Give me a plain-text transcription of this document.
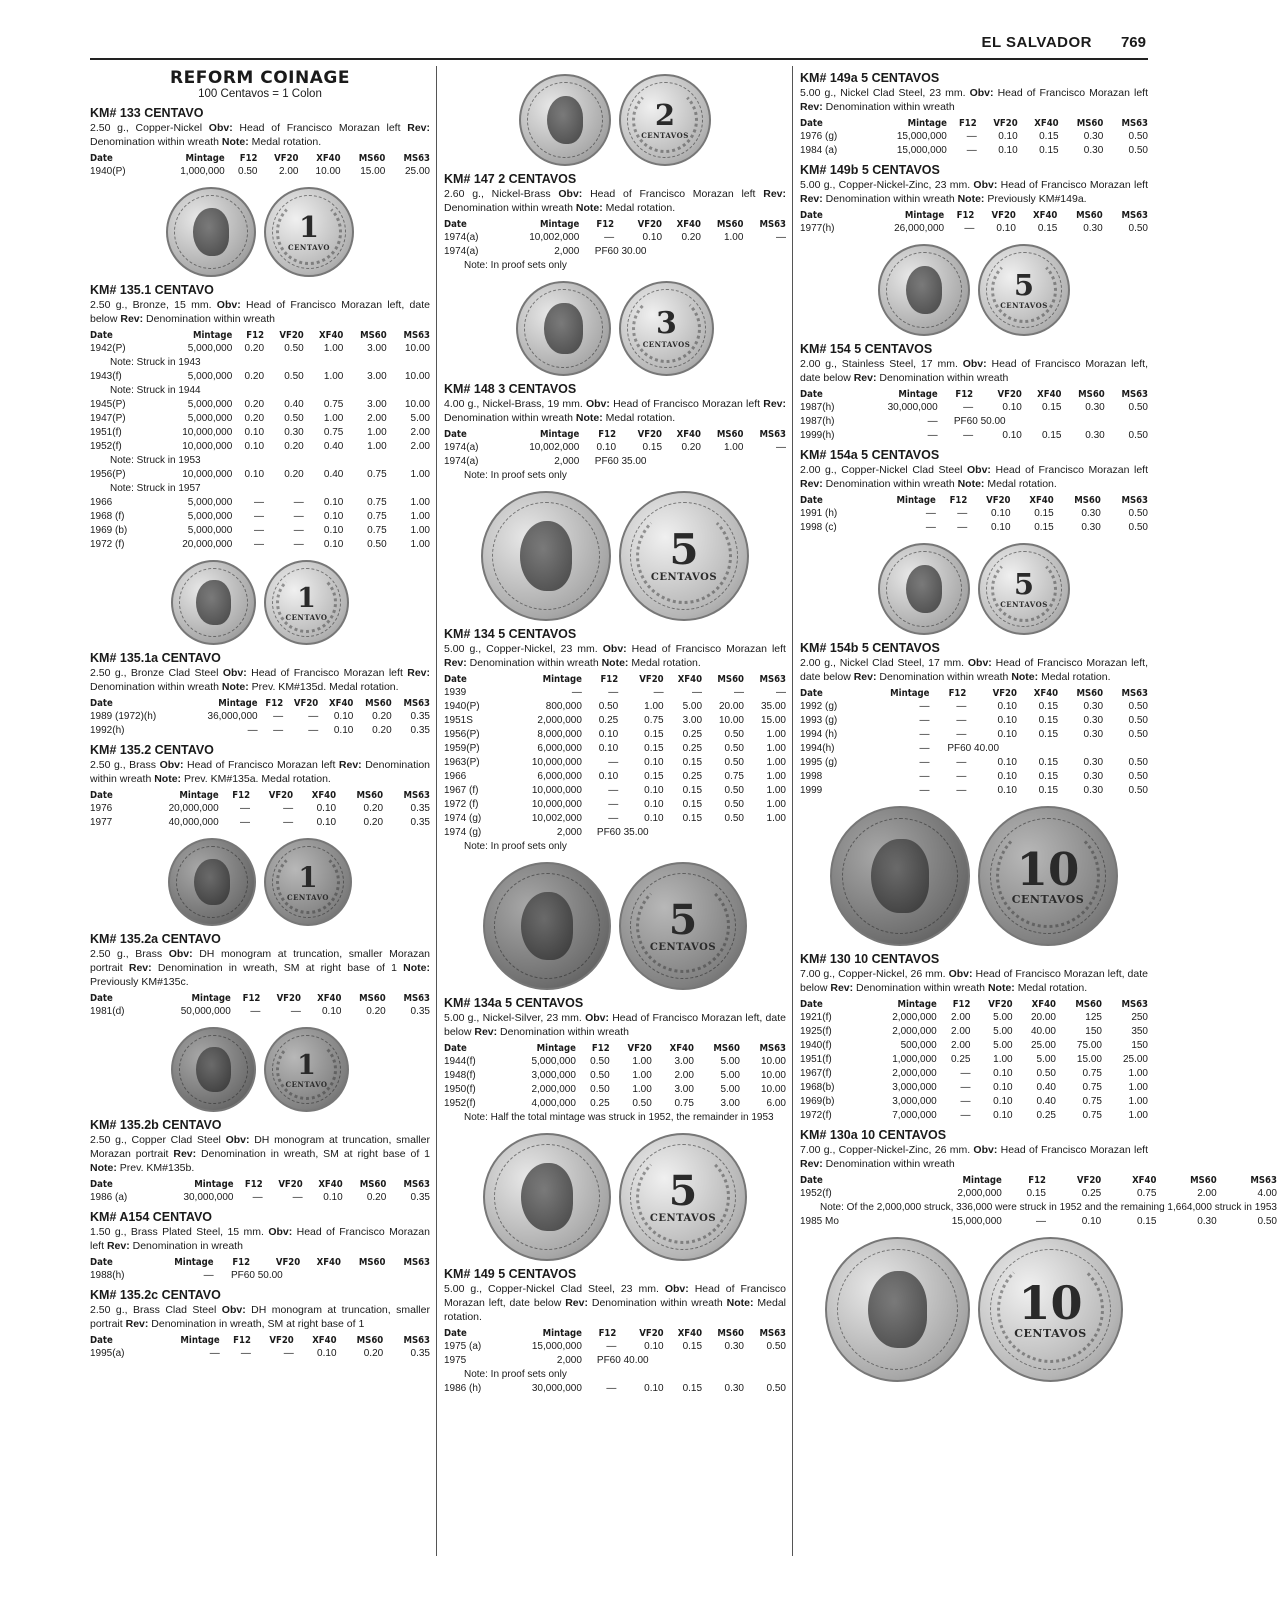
EL SALVADOR 769
REFORM COINAGE
100 Centavos = 1 Colon
KM# 133 CENTAVO
2.50 g., Copper-Nickel Obv: Head of Francisco Morazan left Rev: Denomination within wreath Note: Medal rotation.
Date	Mintage	F12	VF20	XF40	MS60	MS63
1940(P)	1,000,000	0.50	2.00	10.00	15.00	25.00
1
CENTAVO
KM# 135.1 CENTAVO
2.50 g., Bronze, 15 mm. Obv: Head of Francisco Morazan left, date below Rev: Denomination within wreath
Date	Mintage	F12	VF20	XF40	MS60	MS63
1942(P)	5,000,000	0.20	0.50	1.00	3.00	10.00
Note: Struck in 1943						
1943(f)	5,000,000	0.20	0.50	1.00	3.00	10.00
Note: Struck in 1944						
1945(P)	5,000,000	0.20	0.40	0.75	3.00	10.00
1947(P)	5,000,000	0.20	0.50	1.00	2.00	5.00
1951(f)	10,000,000	0.10	0.30	0.75	1.00	2.00
1952(f)	10,000,000	0.10	0.20	0.40	1.00	2.00
Note: Struck in 1953						
1956(P)	10,000,000	0.10	0.20	0.40	0.75	1.00
Note: Struck in 1957						
1966	5,000,000	—	—	0.10	0.75	1.00
1968 (f)	5,000,000	—	—	0.10	0.75	1.00
1969 (b)	5,000,000	—	—	0.10	0.75	1.00
1972 (f)	20,000,000	—	—	0.10	0.50	1.00
1
CENTAVO
KM# 135.1a CENTAVO
2.50 g., Bronze Clad Steel Obv: Head of Francisco Morazan left Rev: Denomination within wreath Note: Prev. KM#135d. Medal rotation.
Date	Mintage	F12	VF20	XF40	MS60	MS63
1989 (1972)(h)	36,000,000	—	—	0.10	0.20	0.35
1992(h)	—	—	—	0.10	0.20	0.35
KM# 135.2 CENTAVO
2.50 g., Brass Obv: Head of Francisco Morazan left Rev: Denomination within wreath Note: Prev. KM#135a. Medal rotation.
Date	Mintage	F12	VF20	XF40	MS60	MS63
1976	20,000,000	—	—	0.10	0.20	0.35
1977	40,000,000	—	—	0.10	0.20	0.35
1
CENTAVO
KM# 135.2a CENTAVO
2.50 g., Brass Obv: DH monogram at truncation, smaller Morazan portrait Rev: Denomination in wreath, SM at right base of 1 Note: Previously KM#135c.
Date	Mintage	F12	VF20	XF40	MS60	MS63
1981(d)	50,000,000	—	—	0.10	0.20	0.35
1
CENTAVO
KM# 135.2b CENTAVO
2.50 g., Copper Clad Steel Obv: DH monogram at truncation, smaller Morazan portrait Rev: Denomination in wreath, SM at right base of 1 Note: Prev. KM#135b.
Date	Mintage	F12	VF20	XF40	MS60	MS63
1986 (a)	30,000,000	—	—	0.10	0.20	0.35
KM# A154 CENTAVO
1.50 g., Brass Plated Steel, 15 mm. Obv: Head of Francisco Morazan left Rev: Denomination in wreath
Date	Mintage	F12	VF20	XF40	MS60	MS63
1988(h)	—	PF60 50.00				
KM# 135.2c CENTAVO
2.50 g., Brass Clad Steel Obv: DH monogram at truncation, smaller portrait Rev: Denomination in wreath, SM at right base of 1
Date	Mintage	F12	VF20	XF40	MS60	MS63
1995(a)	—	—	—	0.10	0.20	0.35
2
CENTAVOS
KM# 147 2 CENTAVOS
2.60 g., Nickel-Brass Obv: Head of Francisco Morazan left Rev: Denomination within wreath Note: Medal rotation.
Date	Mintage	F12	VF20	XF40	MS60	MS63
1974(a)	10,002,000	—	0.10	0.20	1.00	—
1974(a)	2,000	PF60 30.00				
Note: In proof sets only						
3
CENTAVOS
KM# 148 3 CENTAVOS
4.00 g., Nickel-Brass, 19 mm. Obv: Head of Francisco Morazan left Rev: Denomination within wreath Note: Medal rotation.
Date	Mintage	F12	VF20	XF40	MS60	MS63
1974(a)	10,002,000	0.10	0.15	0.20	1.00	—
1974(a)	2,000	PF60 35.00				
Note: In proof sets only						
5
CENTAVOS
KM# 134 5 CENTAVOS
5.00 g., Copper-Nickel, 23 mm. Obv: Head of Francisco Morazan left Rev: Denomination within wreath Note: Medal rotation.
Date	Mintage	F12	VF20	XF40	MS60	MS63
1939	—	—	—	—	—	—
1940(P)	800,000	0.50	1.00	5.00	20.00	35.00
1951S	2,000,000	0.25	0.75	3.00	10.00	15.00
1956(P)	8,000,000	0.10	0.15	0.25	0.50	1.00
1959(P)	6,000,000	0.10	0.15	0.25	0.50	1.00
1963(P)	10,000,000	—	0.10	0.15	0.50	1.00
1966	6,000,000	0.10	0.15	0.25	0.75	1.00
1967 (f)	10,000,000	—	0.10	0.15	0.50	1.00
1972 (f)	10,000,000	—	0.10	0.15	0.50	1.00
1974 (g)	10,002,000	—	0.10	0.15	0.50	1.00
1974 (g)	2,000	PF60 35.00				
Note: In proof sets only						
5
CENTAVOS
KM# 134a 5 CENTAVOS
5.00 g., Nickel-Silver, 23 mm. Obv: Head of Francisco Morazan left, date below Rev: Denomination within wreath
Date	Mintage	F12	VF20	XF40	MS60	MS63
1944(f)	5,000,000	0.50	1.00	3.00	5.00	10.00
1948(f)	3,000,000	0.50	1.00	2.00	5.00	10.00
1950(f)	2,000,000	0.50	1.00	3.00	5.00	10.00
1952(f)	4,000,000	0.25	0.50	0.75	3.00	6.00
Note: Half the total mintage was struck in 1952, the remainder in 1953						
5
CENTAVOS
KM# 149 5 CENTAVOS
5.00 g., Copper-Nickel Clad Steel, 23 mm. Obv: Head of Francisco Morazan left, date below Rev: Denomination within wreath Note: Medal rotation.
Date	Mintage	F12	VF20	XF40	MS60	MS63
1975 (a)	15,000,000	—	0.10	0.15	0.30	0.50
1975	2,000	PF60 40.00				
Note: In proof sets only						
1986 (h)	30,000,000	—	0.10	0.15	0.30	0.50
KM# 149a 5 CENTAVOS
5.00 g., Nickel Clad Steel, 23 mm. Obv: Head of Francisco Morazan left Rev: Denomination within wreath
Date	Mintage	F12	VF20	XF40	MS60	MS63
1976 (g)	15,000,000	—	0.10	0.15	0.30	0.50
1984 (a)	15,000,000	—	0.10	0.15	0.30	0.50
KM# 149b 5 CENTAVOS
5.00 g., Copper-Nickel-Zinc, 23 mm. Obv: Head of Francisco Morazan left Rev: Denomination within wreath Note: Previously KM#149a.
Date	Mintage	F12	VF20	XF40	MS60	MS63
1977(h)	26,000,000	—	0.10	0.15	0.30	0.50
5
CENTAVOS
KM# 154 5 CENTAVOS
2.00 g., Stainless Steel, 17 mm. Obv: Head of Francisco Morazan left, date below Rev: Denomination within wreath
Date	Mintage	F12	VF20	XF40	MS60	MS63
1987(h)	30,000,000	—	0.10	0.15	0.30	0.50
1987(h)	—	PF60 50.00				
1999(h)	—	—	0.10	0.15	0.30	0.50
KM# 154a 5 CENTAVOS
2.00 g., Copper-Nickel Clad Steel Obv: Head of Francisco Morazan left Rev: Denomination within wreath Note: Medal rotation.
Date	Mintage	F12	VF20	XF40	MS60	MS63
1991 (h)	—	—	0.10	0.15	0.30	0.50
1998 (c)	—	—	0.10	0.15	0.30	0.50
5
CENTAVOS
KM# 154b 5 CENTAVOS
2.00 g., Nickel Clad Steel, 17 mm. Obv: Head of Francisco Morazan left, date below Rev: Denomination within wreath Note: Medal rotation.
Date	Mintage	F12	VF20	XF40	MS60	MS63
1992 (g)	—	—	0.10	0.15	0.30	0.50
1993 (g)	—	—	0.10	0.15	0.30	0.50
1994 (h)	—	—	0.10	0.15	0.30	0.50
1994(h)	—	PF60 40.00				
1995 (g)	—	—	0.10	0.15	0.30	0.50
1998	—	—	0.10	0.15	0.30	0.50
1999	—	—	0.10	0.15	0.30	0.50
10
CENTAVOS
KM# 130 10 CENTAVOS
7.00 g., Copper-Nickel, 26 mm. Obv: Head of Francisco Morazan left, date below Rev: Denomination within wreath Note: Medal rotation.
Date	Mintage	F12	VF20	XF40	MS60	MS63
1921(f)	2,000,000	2.00	5.00	20.00	125	250
1925(f)	2,000,000	2.00	5.00	40.00	150	350
1940(f)	500,000	2.00	5.00	25.00	75.00	150
1951(f)	1,000,000	0.25	1.00	5.00	15.00	25.00
1967(f)	2,000,000	—	0.10	0.50	0.75	1.00
1968(b)	3,000,000	—	0.10	0.40	0.75	1.00
1969(b)	3,000,000	—	0.10	0.40	0.75	1.00
1972(f)	7,000,000	—	0.10	0.25	0.75	1.00
KM# 130a 10 CENTAVOS
7.00 g., Copper-Nickel-Zinc, 26 mm. Obv: Head of Francisco Morazan left Rev: Denomination within wreath
Date	Mintage	F12	VF20	XF40	MS60	MS63
1952(f)	2,000,000	0.15	0.25	0.75	2.00	4.00
Note: Of the 2,000,000 struck, 336,000 were struck in 1952 and the remaining 1,664,000 struck in 1953						
1985 Mo	15,000,000	—	0.10	0.15	0.30	0.50
10
CENTAVOS
